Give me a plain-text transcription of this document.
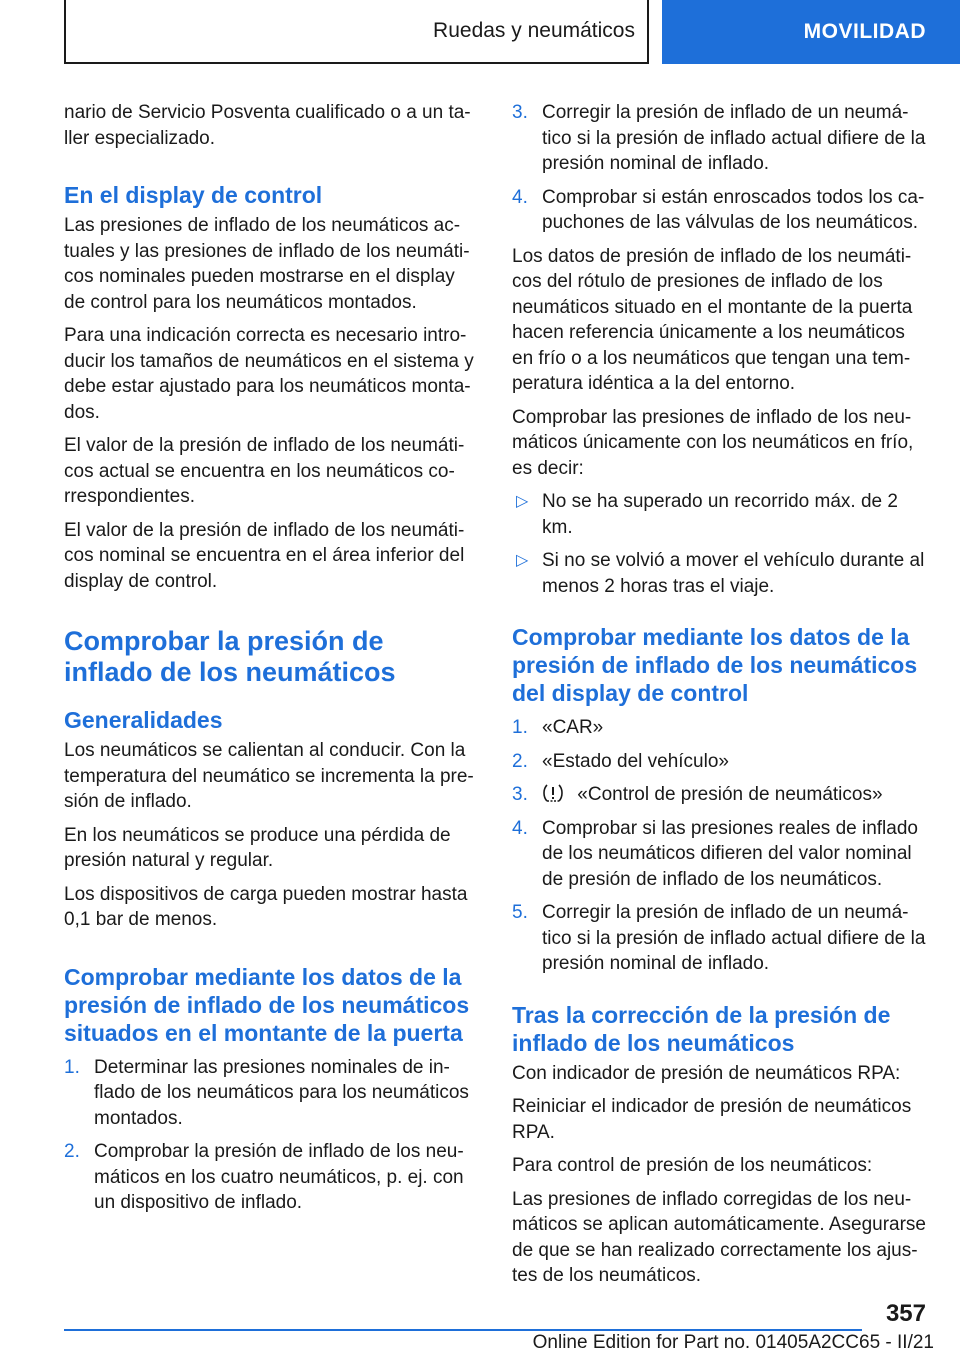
Ruedas y neumáticos	MOVILIDAD

nario de Servicio Posventa cualificado o a un ta-ller especializado.

En el display de control

Las presiones de inflado de los neumáticos ac-tuales y las presiones de inflado de los neumáti-cos nominales pueden mostrarse en el display de control para los neumáticos montados.

Para una indicación correcta es necesario intro-ducir los tamaños de neumáticos en el sistema y debe estar ajustado para los neumáticos monta-dos.

El valor de la presión de inflado de los neumáti-cos actual se encuentra en los neumáticos co-rrespondientes.

El valor de la presión de inflado de los neumáti-cos nominal se encuentra en el área inferior del display de control.

Comprobar la presión de inflado de los neumáticos
Generalidades

Los neumáticos se calientan al conducir. Con la temperatura del neumático se incrementa la pre-sión de inflado.

En los neumáticos se produce una pérdida de presión natural y regular.

Los dispositivos de carga pueden mostrar hasta 0,1 bar de menos.

Comprobar mediante los datos de la presión de inflado de los neumáticos situados en el montante de la puerta
1. Determinar las presiones nominales de in-flado de los neumáticos para los neumáticos montados.
2. Comprobar la presión de inflado de los neu-máticos en los cuatro neumáticos, p. ej. con un dispositivo de inflado.
3. Corregir la presión de inflado de un neumá-tico si la presión de inflado actual difiere de la presión nominal de inflado.
4. Comprobar si están enroscados todos los ca-puchones de las válvulas de los neumáticos.

Los datos de presión de inflado de los neumáti-cos del rótulo de presiones de inflado de los neumáticos situado en el montante de la puerta hacen referencia únicamente a los neumáticos en frío o a los neumáticos que tengan una tem-peratura idéntica a la del entorno.

Comprobar las presiones de inflado de los neu-máticos únicamente con los neumáticos en frío, es decir:

▷ No se ha superado un recorrido máx. de 2 km.
▷ Si no se volvió a mover el vehículo durante al menos 2 horas tras el viaje.
Comprobar mediante los datos de la presión de inflado de los neumáticos del display de control
1. «CAR»
2. «Estado del vehículo»
3.	«Control de presión de neumáticos»
4. Comprobar si las presiones reales de inflado de los neumáticos difieren del valor nominal de presión de inflado de los neumáticos.
5. Corregir la presión de inflado de un neumá-tico si la presión de inflado actual difiere de la presión nominal de inflado.
Tras la corrección de la presión de inflado de los neumáticos

Con indicador de presión de neumáticos RPA:

Reiniciar el indicador de presión de neumáticos RPA.

Para control de presión de los neumáticos:

Las presiones de inflado corregidas de los neu-máticos se aplican automáticamente. Asegurarse de que se han realizado correctamente los ajus-tes de los neumáticos.

357
Online Edition for Part no. 01405A2CC65 - II/21
